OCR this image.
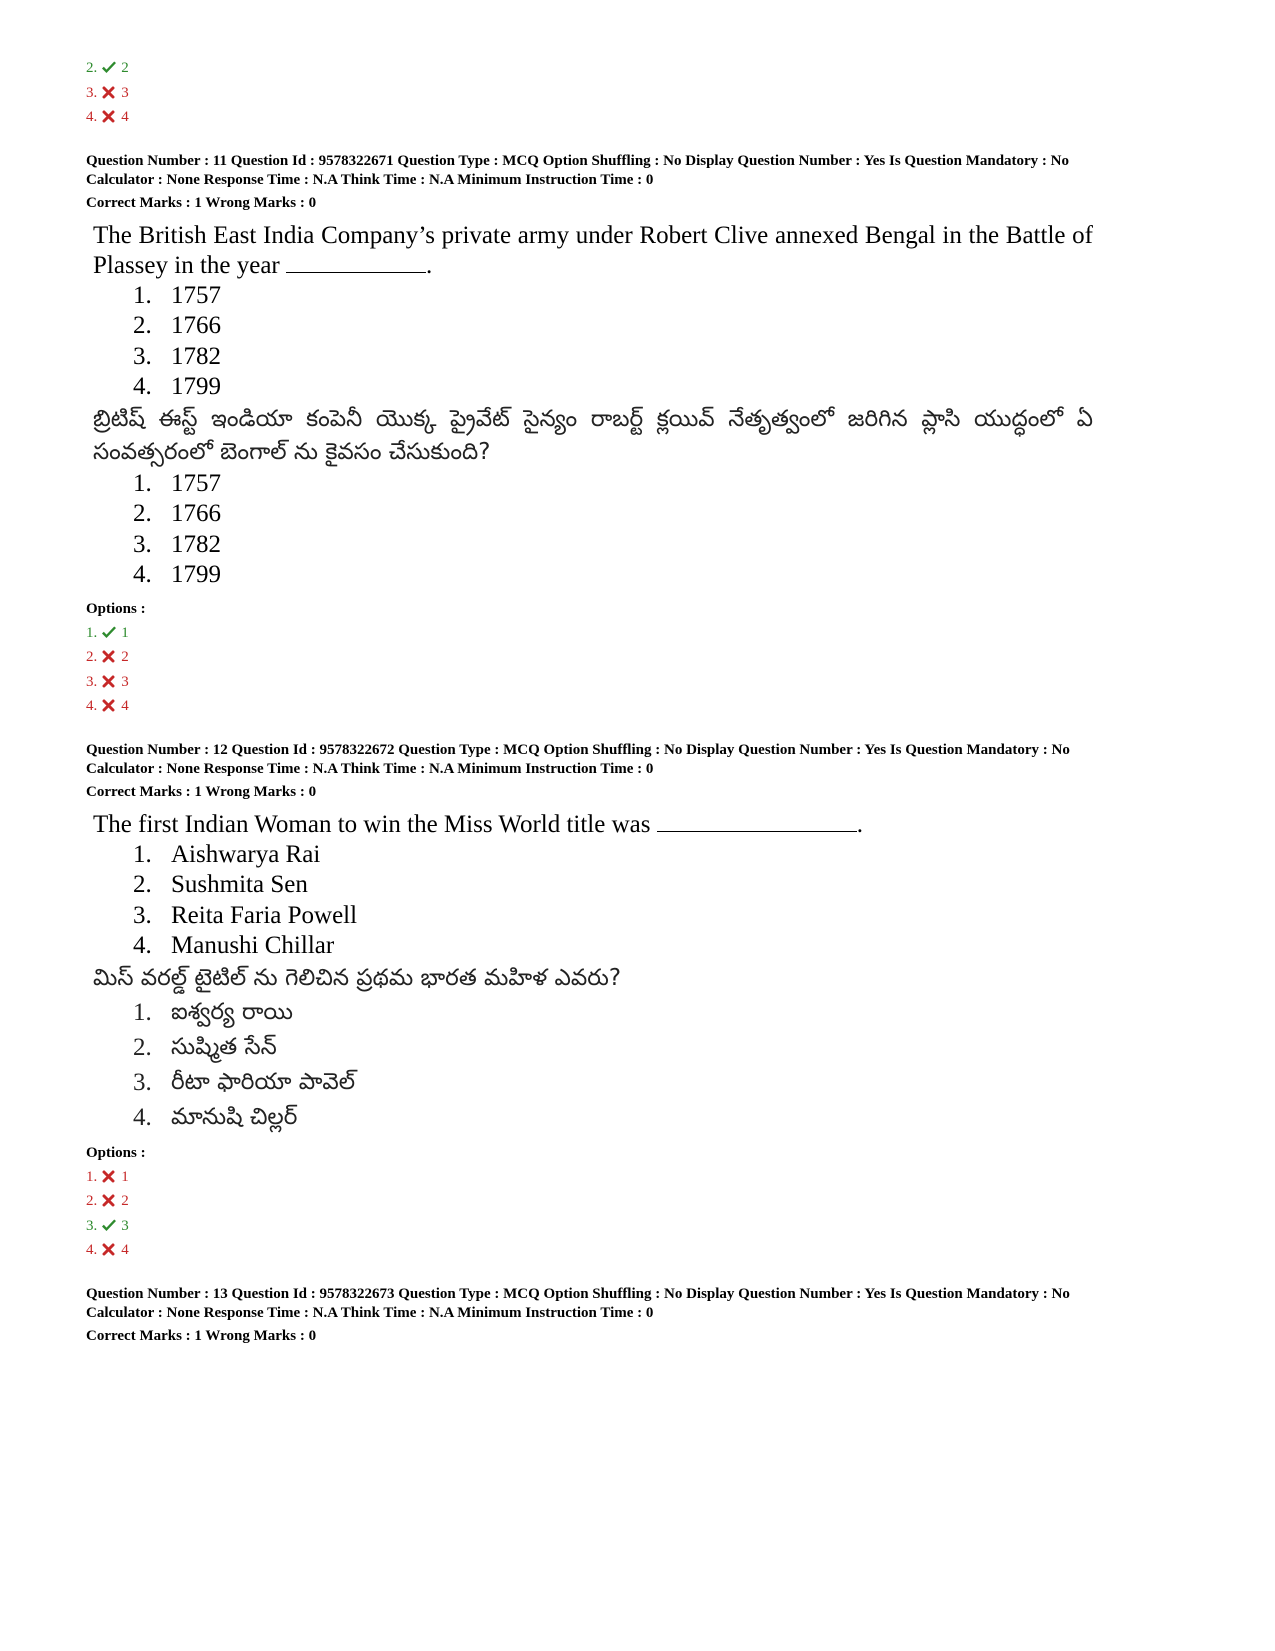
2. 2
3. 3
4. 4
Question Number : 11 Question Id : 9578322671 Question Type : MCQ Option Shuffling : No Display Question Number : Yes Is Question Mandatory : No
Calculator : None Response Time : N.A Think Time : N.A Minimum Instruction Time : 0
Correct Marks : 1 Wrong Marks : 0
The British East India Company’s private army under Robert Clive annexed Bengal in the Battle of Plassey in the year	.
1. 1757
2. 1766
3. 1782
4. 1799
బ్రిటిష్ ఈస్ట్ ఇండియా కంపెనీ యొక్క ప్రైవేట్ సైన్యం రాబర్ట్ క్లయివ్ నేతృత్వంలో జరిగిన ప్లాసి యుద్ధంలో ఏ సంవత్సరంలో బెంగాల్ ను కైవసం చేసుకుంది?
1. 1757
2. 1766
3. 1782
4. 1799
Options :
1. 1
2. 2
3. 3
4. 4
Question Number : 12 Question Id : 9578322672 Question Type : MCQ Option Shuffling : No Display Question Number : Yes Is Question Mandatory : No
Calculator : None Response Time : N.A Think Time : N.A Minimum Instruction Time : 0
Correct Marks : 1 Wrong Marks : 0
The first Indian Woman to win the Miss World title was	.
1. Aishwarya Rai
2. Sushmita Sen
3. Reita Faria Powell
4. Manushi Chillar
మిస్ వరల్డ్ టైటిల్ ను గెలిచిన ప్రథమ భారత మహిళ ఎవరు?
1. ఐశ్వర్య రాయి
2. సుష్మిత సేన్
3. రీటా ఫారియా పావెల్
4. మానుషి చిల్లర్
Options :
1. 1
2. 2
3. 3
4. 4
Question Number : 13 Question Id : 9578322673 Question Type : MCQ Option Shuffling : No Display Question Number : Yes Is Question Mandatory : No
Calculator : None Response Time : N.A Think Time : N.A Minimum Instruction Time : 0
Correct Marks : 1 Wrong Marks : 0
